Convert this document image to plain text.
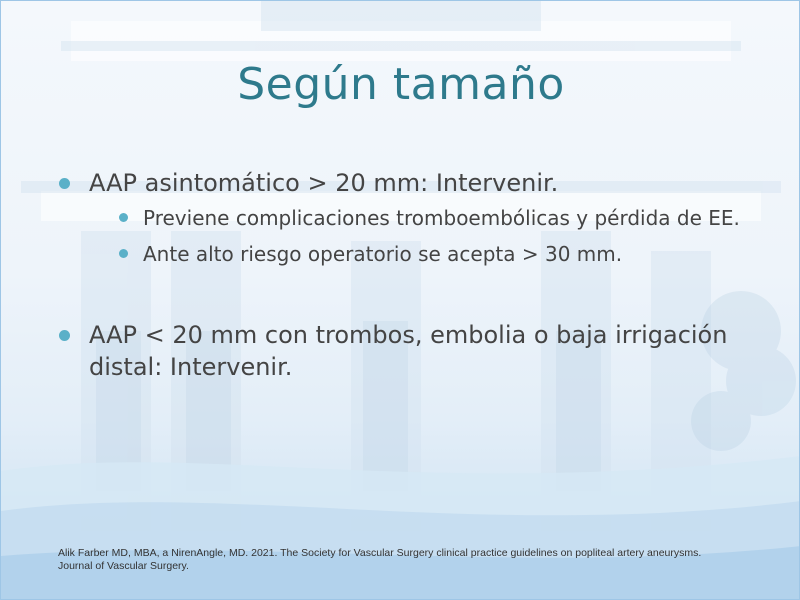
Según tamaño
AAP asintomático > 20 mm: Intervenir.
Previene complicaciones tromboembólicas y pérdida de EE.
Ante alto riesgo operatorio se acepta > 30 mm.
AAP < 20 mm con trombos, embolia o baja irrigación distal: Intervenir.
Alik Farber MD, MBA, a NirenAngle, MD. 2021. The Society for Vascular Surgery clinical practice guidelines on popliteal artery aneurysms.
Journal of Vascular Surgery.
